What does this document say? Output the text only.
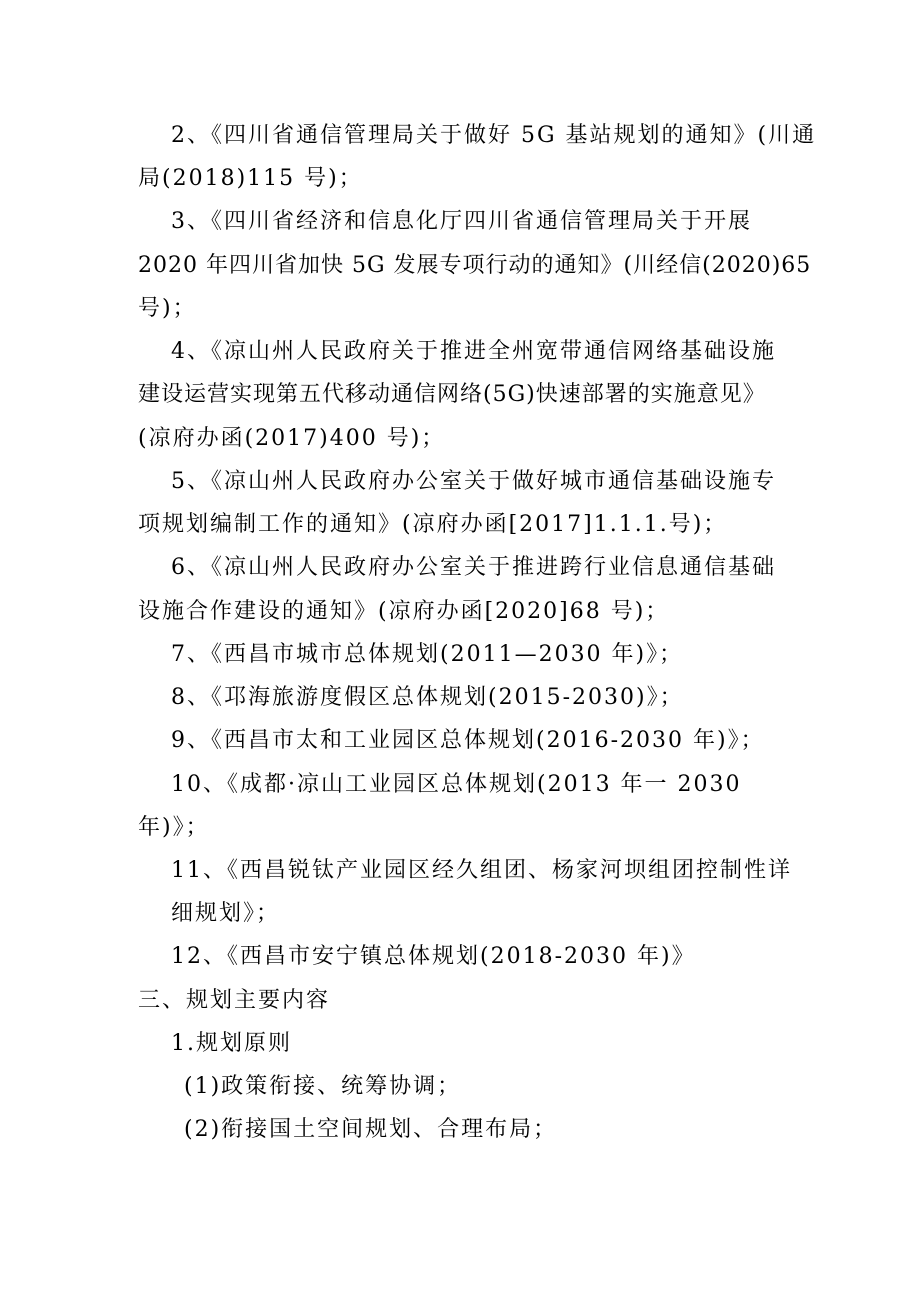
2、《四川省通信管理局关于做好 5G 基站规划的通知》(川通
局(2018)115 号)；
3、《四川省经济和信息化厅四川省通信管理局关于开展
2020 年四川省加快 5G 发展专项行动的通知》(川经信(2020)65
号)；
4、《凉山州人民政府关于推进全州宽带通信网络基础设施
建设运营实现第五代移动通信网络(5G)快速部署的实施意见》
(凉府办函(2017)400 号)；
5、《凉山州人民政府办公室关于做好城市通信基础设施专
项规划编制工作的通知》(凉府办函[2017]1.1.1.号)；
6、《凉山州人民政府办公室关于推进跨行业信息通信基础
设施合作建设的通知》(凉府办函[2020]68 号)；
7、《西昌市城市总体规划(2011—2030 年)》；
8、《邛海旅游度假区总体规划(2015-2030)》；
9、《西昌市太和工业园区总体规划(2016-2030 年)》；
10、《成都·凉山工业园区总体规划(2013 年一 2030
年)》；
11、《西昌锐钛产业园区经久组团、杨家河坝组团控制性详
细规划》；
12、《西昌市安宁镇总体规划(2018-2030 年)》
三、规划主要内容
1.规划原则
(1)政策衔接、统筹协调；
(2)衔接国土空间规划、合理布局；
